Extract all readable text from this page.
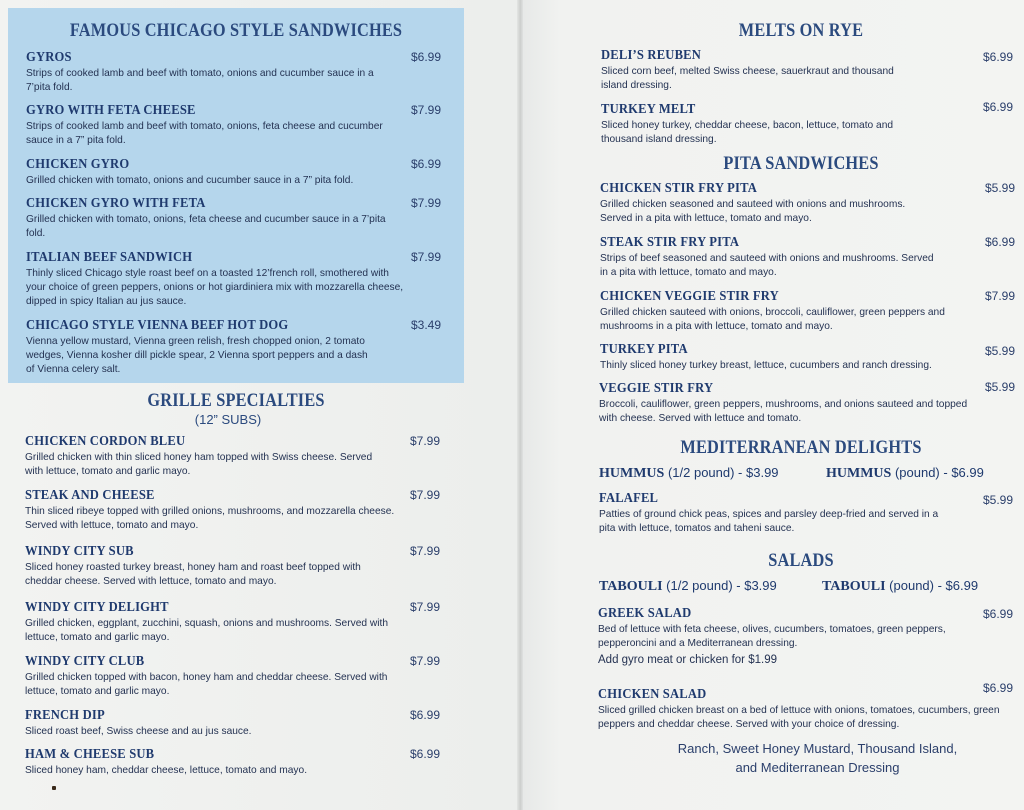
FAMOUS CHICAGO STYLE SANDWICHES
GYROS
Strips of cooked lamb and beef with tomato, onions and cucumber sauce in a 7’pita fold.
$6.99
GYRO WITH FETA CHEESE
Strips of cooked lamb and beef with tomato, onions, feta cheese and cucumber sauce in a 7” pita fold.
$7.99
CHICKEN GYRO
Grilled chicken with tomato, onions and cucumber sauce in a 7” pita fold.
$6.99
CHICKEN GYRO WITH FETA
Grilled chicken with tomato, onions, feta cheese and cucumber sauce in a 7’pita fold.
$7.99
ITALIAN BEEF SANDWICH
Thinly sliced Chicago style roast beef on a toasted 12’french roll, smothered with your choice of green peppers, onions or hot giardiniera mix with mozzarella cheese, dipped in spicy Italian au jus sauce.
$7.99
CHICAGO STYLE VIENNA BEEF HOT DOG
Vienna yellow mustard, Vienna green relish, fresh chopped onion, 2 tomato wedges, Vienna kosher dill pickle spear, 2 Vienna sport peppers and a dash of Vienna celery salt.
$3.49
GRILLE SPECIALTIES
(12” SUBS)
CHICKEN CORDON BLEU
Grilled chicken with thin sliced honey ham topped with Swiss cheese. Served with lettuce, tomato and garlic mayo.
$7.99
STEAK AND CHEESE
Thin sliced ribeye topped with grilled onions, mushrooms, and mozzarella cheese. Served with lettuce, tomato and mayo.
$7.99
WINDY CITY SUB
Sliced honey roasted turkey breast, honey ham and roast beef topped with cheddar cheese. Served with lettuce, tomato and mayo.
$7.99
WINDY CITY DELIGHT
Grilled chicken, eggplant, zucchini, squash, onions and mushrooms. Served with lettuce, tomato and garlic mayo.
$7.99
WINDY CITY CLUB
Grilled chicken topped with bacon, honey ham and cheddar cheese. Served with lettuce, tomato and garlic mayo.
$7.99
FRENCH DIP
Sliced roast beef, Swiss cheese and au jus sauce.
$6.99
HAM & CHEESE SUB
Sliced honey ham, cheddar cheese, lettuce, tomato and mayo.
$6.99
MELTS ON RYE
DELI’S REUBEN
Sliced corn beef, melted Swiss cheese, sauerkraut and thousand island dressing.
$6.99
TURKEY MELT
Sliced honey turkey, cheddar cheese, bacon, lettuce, tomato and thousand island dressing.
$6.99
PITA SANDWICHES
CHICKEN STIR FRY PITA
Grilled chicken seasoned and sauteed with onions and mushrooms. Served in a pita with lettuce, tomato and mayo.
$5.99
STEAK STIR FRY PITA
Strips of beef seasoned and sauteed with onions and mushrooms. Served in a pita with lettuce, tomato and mayo.
$6.99
CHICKEN VEGGIE STIR FRY
Grilled chicken sauteed with onions, broccoli, cauliflower, green peppers and mushrooms in a pita with lettuce, tomato and mayo.
$7.99
TURKEY PITA
Thinly sliced honey turkey breast, lettuce, cucumbers and ranch dressing.
$5.99
VEGGIE STIR FRY
Broccoli, cauliflower, green peppers, mushrooms, and onions sauteed and topped with cheese. Served with lettuce and tomato.
$5.99
MEDITERRANEAN DELIGHTS
HUMMUS (1/2 pound) - $3.99	HUMMUS (pound) - $6.99
FALAFEL
Patties of ground chick peas, spices and parsley deep-fried and served in a pita with lettuce, tomatos and taheni sauce.
$5.99
SALADS
TABOULI (1/2 pound) - $3.99	TABOULI (pound) - $6.99
GREEK SALAD
Bed of lettuce with feta cheese, olives, cucumbers, tomatoes, green peppers, pepperoncini and a Mediterranean dressing.
Add gyro meat or chicken for $1.99
$6.99
CHICKEN SALAD
Sliced grilled chicken breast on a bed of lettuce with onions, tomatoes, cucumbers, green peppers and cheddar cheese. Served with your choice of dressing.
$6.99
Ranch, Sweet Honey Mustard, Thousand Island,
and Mediterranean Dressing
